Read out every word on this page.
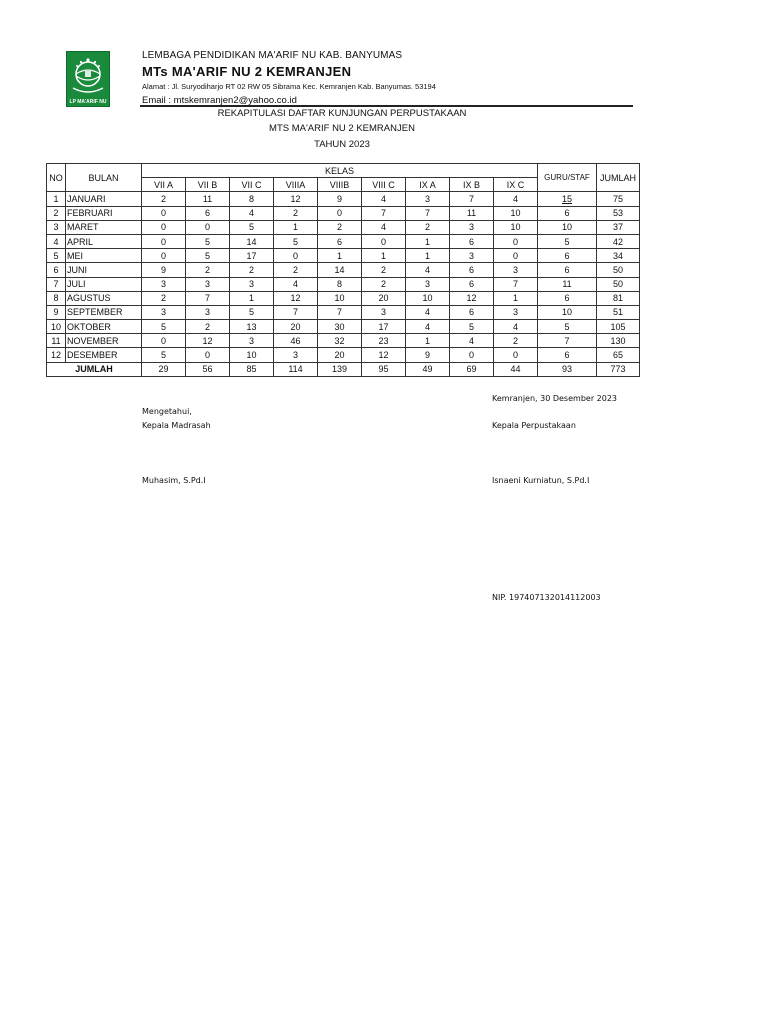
LP MA'ARIF NU
LEMBAGA PENDIDIKAN MA'ARIF NU KAB. BANYUMAS
MTs MA'ARIF NU 2 KEMRANJEN
Alamat : Jl. Suryodiharjo RT 02 RW 05 Sibrama Kec. Kemranjen Kab. Banyumas. 53194
Email : mtskemranjen2@yahoo.co.id
REKAPITULASI DAFTAR KUNJUNGAN PERPUSTAKAAN
MTS MA'ARIF NU 2 KEMRANJEN
TAHUN 2023
NO	BULAN	KELAS									GURU/STAF	JUMLAH
		VII A	VII B	VII C	VIIIA	VIIIB	VIII C	IX A	IX B	IX C		
1	JANUARI	2	11	8	12	9	4	3	7	4	15	75
2	FEBRUARI	0	6	4	2	0	7	7	11	10	6	53
3	MARET	0	0	5	1	2	4	2	3	10	10	37
4	APRIL	0	5	14	5	6	0	1	6	0	5	42
5	MEI	0	5	17	0	1	1	1	3	0	6	34
6	JUNI	9	2	2	2	14	2	4	6	3	6	50
7	JULI	3	3	3	4	8	2	3	6	7	11	50
8	AGUSTUS	2	7	1	12	10	20	10	12	1	6	81
9	SEPTEMBER	3	3	5	7	7	3	4	6	3	10	51
10	OKTOBER	5	2	13	20	30	17	4	5	4	5	105
11	NOVEMBER	0	12	3	46	32	23	1	4	2	7	130
12	DESEMBER	5	0	10	3	20	12	9	0	0	6	65
JUMLAH		29	56	85	114	139	95	49	69	44	93	773
Kemranjen, 30 Desember 2023
Mengetahui,
Kepala Madrasah	Kepala Perpustakaan
Muhasim, S.Pd.I	Isnaeni Kurniatun, S.Pd.I
NIP. 197407132014112003
